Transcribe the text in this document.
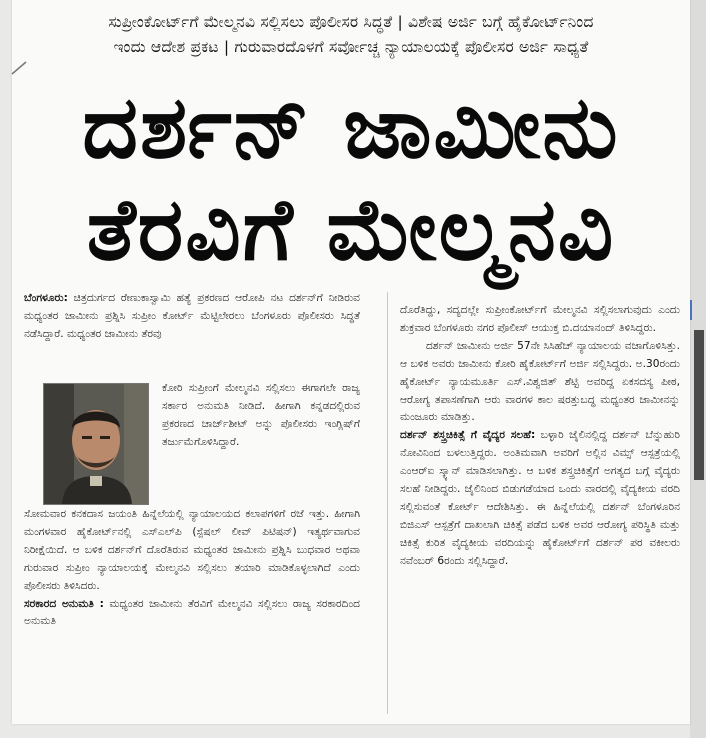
ಸುಪ್ರೀಂಕೋರ್ಟ್‌ಗೆ ಮೇಲ್ಮನವಿ ಸಲ್ಲಿಸಲು ಪೊಲೀಸರ ಸಿದ್ಧತೆ | ವಿಶೇಷ ಅರ್ಜಿ ಬಗ್ಗೆ ಹೈಕೋರ್ಟ್‌ನಿಂದ
ಇಂದು ಆದೇಶ ಪ್ರಕಟ | ಗುರುವಾರದೊಳಗೆ ಸರ್ವೋಚ್ಚ ನ್ಯಾಯಾಲಯಕ್ಕೆ ಪೊಲೀಸರ ಅರ್ಜಿ ಸಾಧ್ಯತೆ
ದರ್ಶನ್ ಜಾಮೀನು
ತೆರವಿಗೆ ಮೇಲ್ಮನವಿ

ಬೆಂಗಳೂರು: ಚಿತ್ರದುರ್ಗದ ರೇಣುಕಾಸ್ವಾಮಿ ಹತ್ಯೆ ಪ್ರಕರಣದ ಆರೋಪಿ ನಟ ದರ್ಶನ್‌ಗೆ ನೀಡಿರುವ ಮಧ್ಯಂತರ ಜಾಮೀನು ಪ್ರಶ್ನಿಸಿ ಸುಪ್ರೀಂ ಕೋರ್ಟ್ ಮೆಟ್ಟಿಲೇರಲು ಬೆಂಗಳೂರು ಪೊಲೀಸರು ಸಿದ್ಧತೆ ನಡೆಸಿದ್ದಾರೆ. ಮಧ್ಯಂತರ ಜಾಮೀನು ತೆರವು

ಕೋರಿ ಸುಪ್ರೀಂಗೆ ಮೇಲ್ಮನವಿ ಸಲ್ಲಿಸಲು ಈಗಾಗಲೇ ರಾಜ್ಯ ಸರ್ಕಾರ ಅನುಮತಿ ನೀಡಿದೆ. ಹೀಗಾಗಿ ಕನ್ನಡದಲ್ಲಿರುವ ಪ್ರಕರಣದ ಚಾರ್ಜ್‌ಶೀಟ್ ಅನ್ನು ಪೊಲೀಸರು ಇಂಗ್ಲಿಷ್‌ಗೆ ತರ್ಜುಮೆಗೊಳಿಸಿದ್ದಾರೆ.

ಸೋಮವಾರ ಕನಕದಾಸ ಜಯಂತಿ ಹಿನ್ನೆಲೆಯಲ್ಲಿ ನ್ಯಾಯಾಲಯದ ಕಲಾಪಗಳಿಗೆ ರಜೆ ಇತ್ತು. ಹೀಗಾಗಿ ಮಂಗಳವಾರ ಹೈಕೋರ್ಟ್‌ನಲ್ಲಿ ಎಸ್‌ಎಲ್‌ಪಿ (ಸ್ಪೆಷಲ್ ಲೀವ್ ಪಿಟಿಷನ್) ಇತ್ಯರ್ಥವಾಗುವ ನಿರೀಕ್ಷೆಯಿದೆ. ಆ ಬಳಿಕ ದರ್ಶನ್‌ಗೆ ದೊರೆತಿರುವ ಮಧ್ಯಂತರ ಜಾಮೀನು ಪ್ರಶ್ನಿಸಿ ಬುಧವಾರ ಅಥವಾ ಗುರುವಾರ ಸುಪ್ರೀಂ ನ್ಯಾಯಾಲಯಕ್ಕೆ ಮೇಲ್ಮನವಿ ಸಲ್ಲಿಸಲು ತಯಾರಿ ಮಾಡಿಕೊಳ್ಳಲಾಗಿದೆ ಎಂದು ಪೊಲೀಸರು ತಿಳಿಸಿದರು.

ಸರಕಾರದ ಅನುಮತಿ : ಮಧ್ಯಂತರ ಜಾಮೀನು ತೆರವಿಗೆ ಮೇಲ್ಮನವಿ ಸಲ್ಲಿಸಲು ರಾಜ್ಯ ಸರಕಾರದಿಂದ ಅನುಮತಿ

ದೊರೆತಿದ್ದು, ಸದ್ಯದಲ್ಲೇ ಸುಪ್ರೀಂಕೋರ್ಟ್‌ಗೆ ಮೇಲ್ಮನವಿ ಸಲ್ಲಿಸಲಾಗುವುದು ಎಂದು ಶುಕ್ರವಾರ ಬೆಂಗಳೂರು ನಗರ ಪೊಲೀಸ್ ಆಯುಕ್ತ ಬಿ.ದಯಾನಂದ್ ತಿಳಿಸಿದ್ದರು.

ದರ್ಶನ್ ಜಾಮೀನು ಅರ್ಜಿ 57ನೇ ಸಿಸಿಹೆಚ್ ನ್ಯಾಯಾಲಯ ವಜಾಗೊಳಿಸಿತ್ತು. ಆ ಬಳಿಕ ಅವರು ಜಾಮೀನು ಕೋರಿ ಹೈಕೋರ್ಟ್‌ಗೆ ಅರ್ಜಿ ಸಲ್ಲಿಸಿದ್ದರು. ಅ.30ರಂದು ಹೈಕೋರ್ಟ್ ನ್ಯಾಯಮೂರ್ತಿ ಎಸ್.ವಿಶ್ವಜಿತ್ ಶೆಟ್ಟಿ ಅವರಿದ್ದ ಏಕಸದಸ್ಯ ಪೀಠ, ಆರೋಗ್ಯ ತಪಾಸಣೆಗಾಗಿ ಆರು ವಾರಗಳ ಕಾಲ ಷರತ್ತುಬದ್ಧ ಮಧ್ಯಂತರ ಜಾಮೀನನ್ನು ಮಂಜೂರು ಮಾಡಿತ್ತು.

ದರ್ಶನ್ ಶಸ್ತ್ರಚಿಕಿತ್ಸೆ ಗೆ ವೈದ್ಯರ ಸಲಹೆ: ಬಳ್ಳಾರಿ ಜೈಲಿನಲ್ಲಿದ್ದ ದರ್ಶನ್ ಬೆನ್ನುಹುರಿ ನೋವಿನಿಂದ ಬಳಲುತ್ತಿದ್ದರು. ಅಂತಿಮವಾಗಿ ಅವರಿಗೆ ಅಲ್ಲಿನ ವಿಮ್ಸ್ ಆಸ್ಪತ್ರೆಯಲ್ಲಿ ಎಂಆರ್‌ಐ ಸ್ಕ್ಯಾನ್ ಮಾಡಿಸಲಾಗಿತ್ತು. ಆ ಬಳಿಕ ಶಸ್ತ್ರಚಿಕಿತ್ಸೆಗೆ ಅಗತ್ಯದ ಬಗ್ಗೆ ವೈದ್ಯರು ಸಲಹೆ ನೀಡಿದ್ದರು. ಜೈಲಿನಿಂದ ಬಿಡುಗಡೆಯಾದ ಒಂದು ವಾರದಲ್ಲಿ ವೈದ್ಯಕೀಯ ವರದಿ ಸಲ್ಲಿಸುವಂತೆ ಕೋರ್ಟ್ ಆದೇಶಿಸಿತ್ತು. ಈ ಹಿನ್ನೆಲೆಯಲ್ಲಿ ದರ್ಶನ್ ಬೆಂಗಳೂರಿನ ಬಿಜಿಎಸ್ ಆಸ್ಪತ್ರೆಗೆ ದಾಖಲಾಗಿ ಚಿಕಿತ್ಸೆ ಪಡೆದ ಬಳಿಕ ಅವರ ಆರೋಗ್ಯ ಪರಿಸ್ಥಿತಿ ಮತ್ತು ಚಿಕಿತ್ಸೆ ಕುರಿತ ವೈದ್ಯಕೀಯ ವರದಿಯನ್ನು ಹೈಕೋರ್ಟ್‌ಗೆ ದರ್ಶನ್ ಪರ ವಕೀಲರು ನವೆಂಬರ್ 6ರಂದು ಸಲ್ಲಿಸಿದ್ದಾರೆ.
